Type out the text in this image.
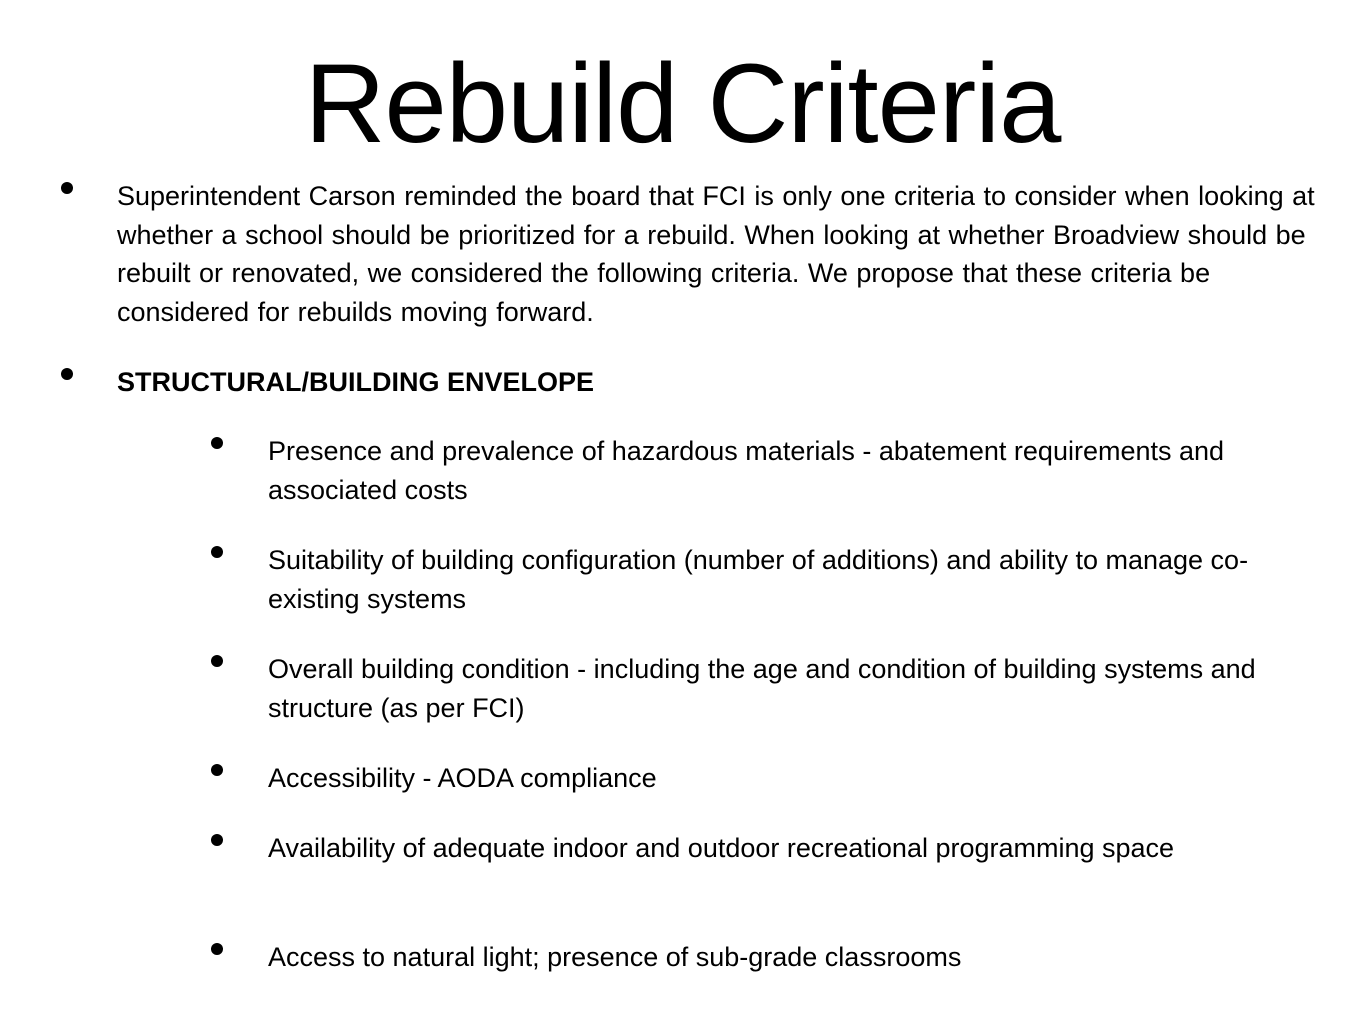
Rebuild Criteria

Superintendent Carson reminded the board that FCI is only one criteria to consider when looking at whether a school should be prioritized for a rebuild. When looking at whether Broadview should be rebuilt or renovated, we considered the following criteria. We propose that these criteria be considered for rebuilds moving forward.

STRUCTURAL/BUILDING ENVELOPE

Presence and prevalence of hazardous materials - abatement requirements and associated costs

Suitability of building configuration (number of additions) and ability to manage co-existing systems

Overall building condition - including the age and condition of building systems and structure (as per FCI)

Accessibility - AODA compliance

Availability of adequate indoor and outdoor recreational programming space

Access to natural light; presence of sub-grade classrooms
